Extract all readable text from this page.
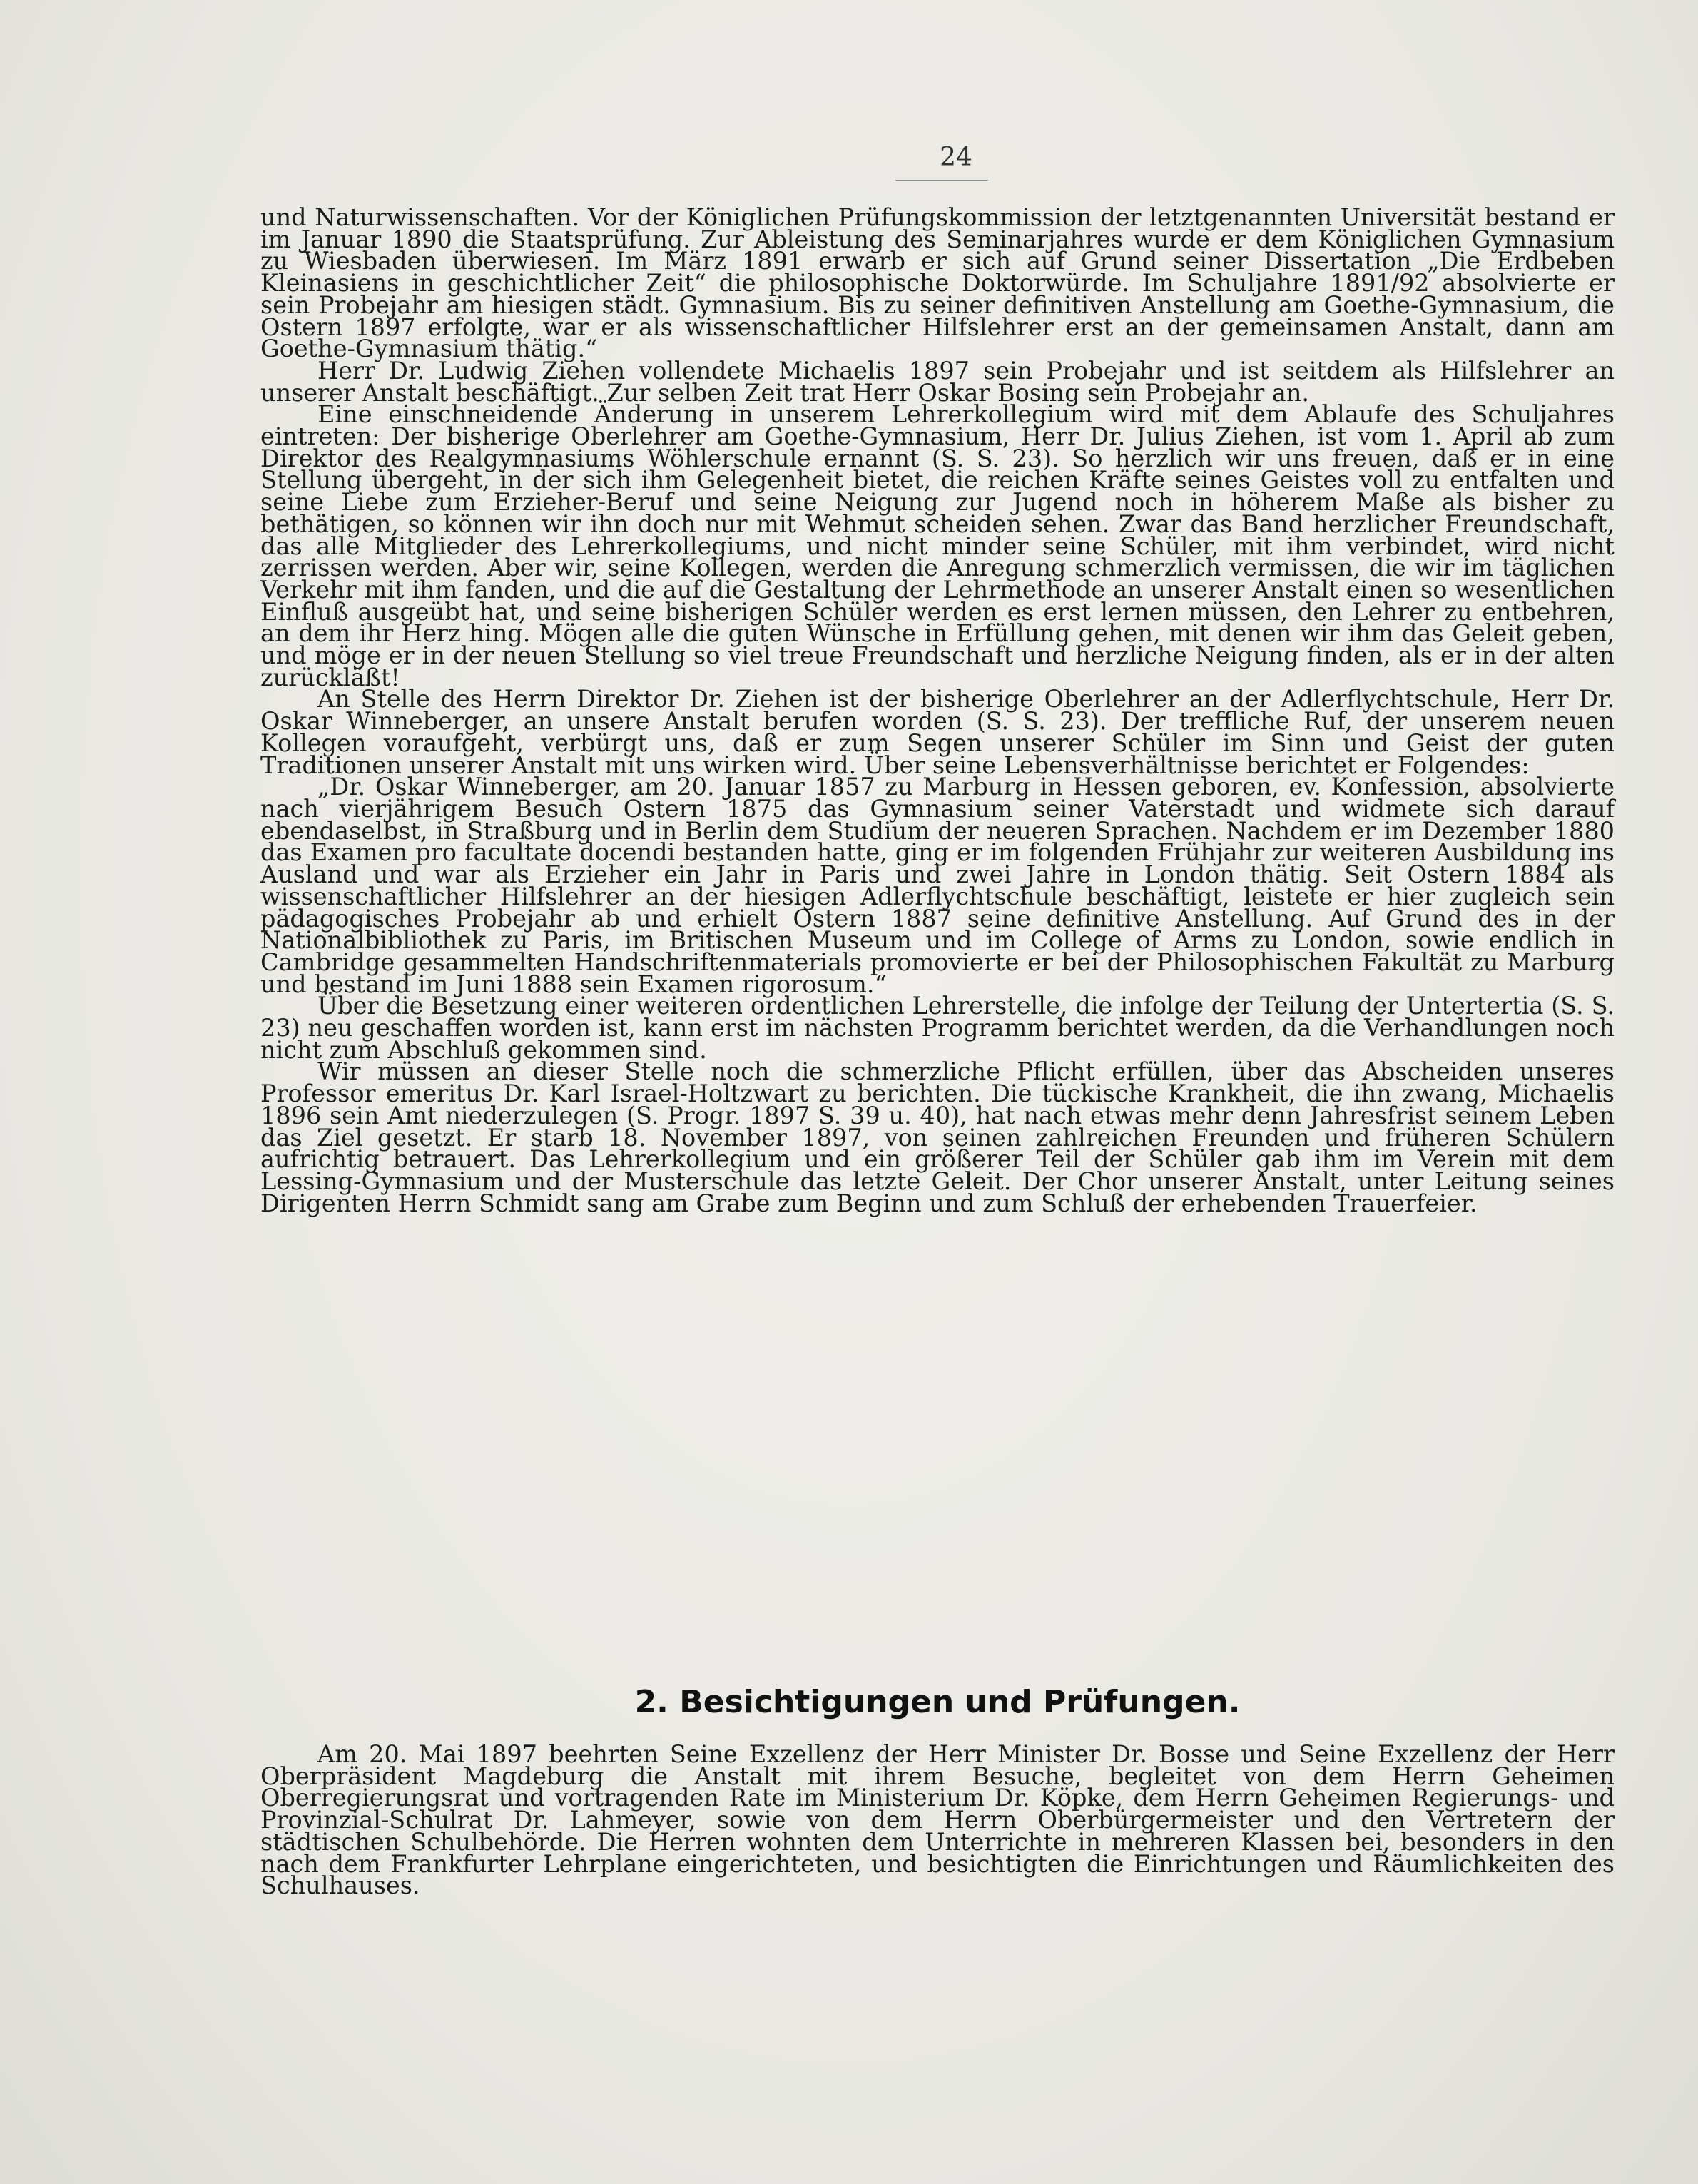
24

und Naturwissenschaften. Vor der Königlichen Prüfungskommission der letztgenannten Universität bestand er im Januar 1890 die Staatsprüfung. Zur Ableistung des Seminarjahres wurde er dem Königlichen Gymnasium zu Wiesbaden überwiesen. Im März 1891 erwarb er sich auf Grund seiner Dissertation „Die Erdbeben Kleinasiens in geschichtlicher Zeit“ die philosophische Doktorwürde. Im Schuljahre 1891/92 absolvierte er sein Probejahr am hiesigen städt. Gymnasium. Bis zu seiner definitiven Anstellung am Goethe-Gymnasium, die Ostern 1897 erfolgte, war er als wissenschaftlicher Hilfslehrer erst an der gemeinsamen Anstalt, dann am Goethe-Gymnasium thätig.“

Herr Dr. Ludwig Ziehen vollendete Michaelis 1897 sein Probejahr und ist seitdem als Hilfslehrer an unserer Anstalt beschäftigt. Zur selben Zeit trat Herr Oskar Bosing sein Probejahr an.

Eine einschneidende Änderung in unserem Lehrerkollegium wird mit dem Ablaufe des Schuljahres eintreten: Der bisherige Oberlehrer am Goethe-Gymnasium, Herr Dr. Julius Ziehen, ist vom 1. April ab zum Direktor des Realgymnasiums Wöhlerschule ernannt (S. S. 23). So herzlich wir uns freuen, daß er in eine Stellung übergeht, in der sich ihm Gelegenheit bietet, die reichen Kräfte seines Geistes voll zu entfalten und seine Liebe zum Erzieher-Beruf und seine Neigung zur Jugend noch in höherem Maße als bisher zu bethätigen, so können wir ihn doch nur mit Wehmut scheiden sehen. Zwar das Band herzlicher Freundschaft, das alle Mitglieder des Lehrerkollegiums, und nicht minder seine Schüler, mit ihm verbindet, wird nicht zerrissen werden. Aber wir, seine Kollegen, werden die Anregung schmerzlich vermissen, die wir im täglichen Verkehr mit ihm fanden, und die auf die Gestaltung der Lehrmethode an unserer Anstalt einen so wesentlichen Einfluß ausgeübt hat, und seine bisherigen Schüler werden es erst lernen müssen, den Lehrer zu entbehren, an dem ihr Herz hing. Mögen alle die guten Wünsche in Erfüllung gehen, mit denen wir ihm das Geleit geben, und möge er in der neuen Stellung so viel treue Freundschaft und herzliche Neigung finden, als er in der alten zurückläßt!

An Stelle des Herrn Direktor Dr. Ziehen ist der bisherige Oberlehrer an der Adlerflychtschule, Herr Dr. Oskar Winneberger, an unsere Anstalt berufen worden (S. S. 23). Der treffliche Ruf, der unserem neuen Kollegen voraufgeht, verbürgt uns, daß er zum Segen unserer Schüler im Sinn und Geist der guten Traditionen unserer Anstalt mit uns wirken wird. Über seine Lebensverhältnisse berichtet er Folgendes:

„Dr. Oskar Winneberger, am 20. Januar 1857 zu Marburg in Hessen geboren, ev. Konfession, absolvierte nach vierjährigem Besuch Ostern 1875 das Gymnasium seiner Vaterstadt und widmete sich darauf ebendaselbst, in Straßburg und in Berlin dem Studium der neueren Sprachen. Nachdem er im Dezember 1880 das Examen pro facultate docendi bestanden hatte, ging er im folgenden Frühjahr zur weiteren Ausbildung ins Ausland und war als Erzieher ein Jahr in Paris und zwei Jahre in London thätig. Seit Ostern 1884 als wissenschaftlicher Hilfslehrer an der hiesigen Adlerflychtschule beschäftigt, leistete er hier zugleich sein pädagogisches Probejahr ab und erhielt Ostern 1887 seine definitive Anstellung. Auf Grund des in der Nationalbibliothek zu Paris, im Britischen Museum und im College of Arms zu London, sowie endlich in Cambridge gesammelten Handschriftenmaterials promovierte er bei der Philosophischen Fakultät zu Marburg und bestand im Juni 1888 sein Examen rigorosum.“

Über die Besetzung einer weiteren ordentlichen Lehrerstelle, die infolge der Teilung der Untertertia (S. S. 23) neu geschaffen worden ist, kann erst im nächsten Programm berichtet werden, da die Verhandlungen noch nicht zum Abschluß gekommen sind.

Wir müssen an dieser Stelle noch die schmerzliche Pflicht erfüllen, über das Abscheiden unseres Professor emeritus Dr. Karl Israel-Holtzwart zu berichten. Die tückische Krankheit, die ihn zwang, Michaelis 1896 sein Amt niederzulegen (S. Progr. 1897 S. 39 u. 40), hat nach etwas mehr denn Jahresfrist seinem Leben das Ziel gesetzt. Er starb 18. November 1897, von seinen zahlreichen Freunden und früheren Schülern aufrichtig betrauert. Das Lehrerkollegium und ein größerer Teil der Schüler gab ihm im Verein mit dem Lessing-Gymnasium und der Musterschule das letzte Geleit. Der Chor unserer Anstalt, unter Leitung seines Dirigenten Herrn Schmidt sang am Grabe zum Beginn und zum Schluß der erhebenden Trauerfeier.

2. Besichtigungen und Prüfungen.

Am 20. Mai 1897 beehrten Seine Exzellenz der Herr Minister Dr. Bosse und Seine Exzellenz der Herr Oberpräsident Magdeburg die Anstalt mit ihrem Besuche, begleitet von dem Herrn Geheimen Oberregierungsrat und vortragenden Rate im Ministerium Dr. Köpke, dem Herrn Geheimen Regierungs- und Provinzial-Schulrat Dr. Lahmeyer, sowie von dem Herrn Oberbürgermeister und den Vertretern der städtischen Schulbehörde. Die Herren wohnten dem Unterrichte in mehreren Klassen bei, besonders in den nach dem Frankfurter Lehrplane eingerichteten, und besichtigten die Einrichtungen und Räumlichkeiten des Schulhauses.
